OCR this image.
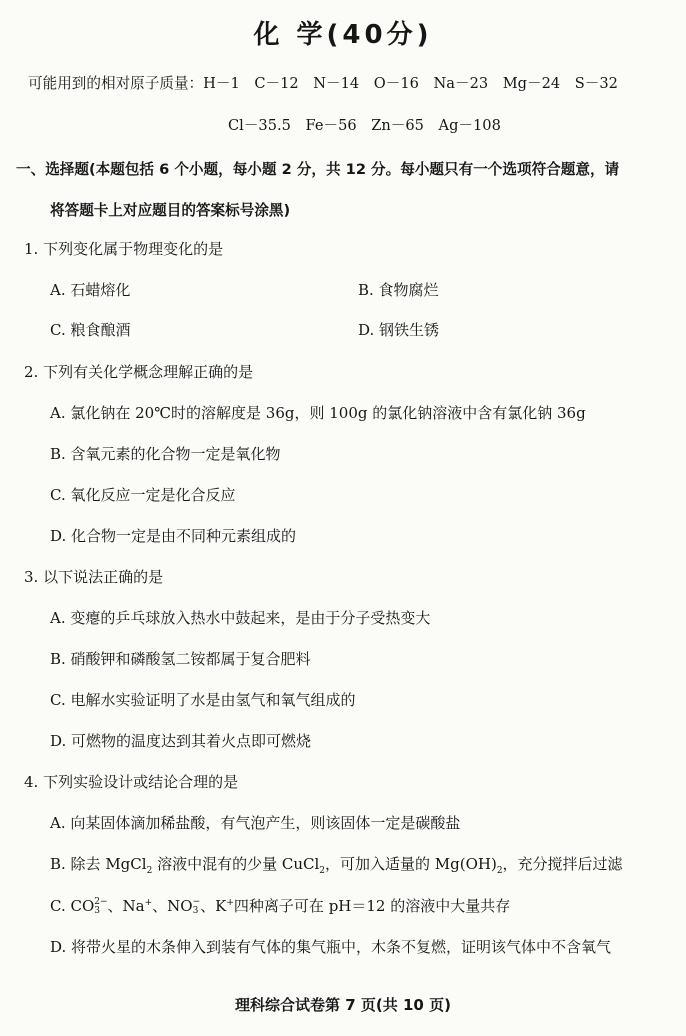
化 学(40分)
可能用到的相对原子质量：H－1　C－12　N－14　O－16　Na－23　Mg－24　S－32
Cl－35.5　Fe－56　Zn－65　Ag－108
一、选择题(本题包括 6 个小题，每小题 2 分，共 12 分。每小题只有一个选项符合题意，请
将答题卡上对应题目的答案标号涂黑)
1. 下列变化属于物理变化的是
A. 石蜡熔化	B. 食物腐烂
C. 粮食酿酒	D. 钢铁生锈
2. 下列有关化学概念理解正确的是
A. 氯化钠在 20℃时的溶解度是 36g，则 100g 的氯化钠溶液中含有氯化钠 36g
B. 含氧元素的化合物一定是氧化物
C. 氧化反应一定是化合反应
D. 化合物一定是由不同种元素组成的
3. 以下说法正确的是
A. 变瘪的乒乓球放入热水中鼓起来，是由于分子受热变大
B. 硝酸钾和磷酸氢二铵都属于复合肥料
C. 电解水实验证明了水是由氢气和氧气组成的
D. 可燃物的温度达到其着火点即可燃烧
4. 下列实验设计或结论合理的是
A. 向某固体滴加稀盐酸，有气泡产生，则该固体一定是碳酸盐
B. 除去 MgCl$_2$ 溶液中混有的少量 CuCl$_2$，可加入适量的 $Mg(OH)_2$，充分搅拌后过滤
C. CO 2−
3 、Na+、NO −
3 、K+四种离子可在 pH＝12 的溶液中大量共存
D. 将带火星的木条伸入到装有气体的集气瓶中，木条不复燃，证明该气体中不含氧气
理科综合试卷第 7 页(共 10 页)
